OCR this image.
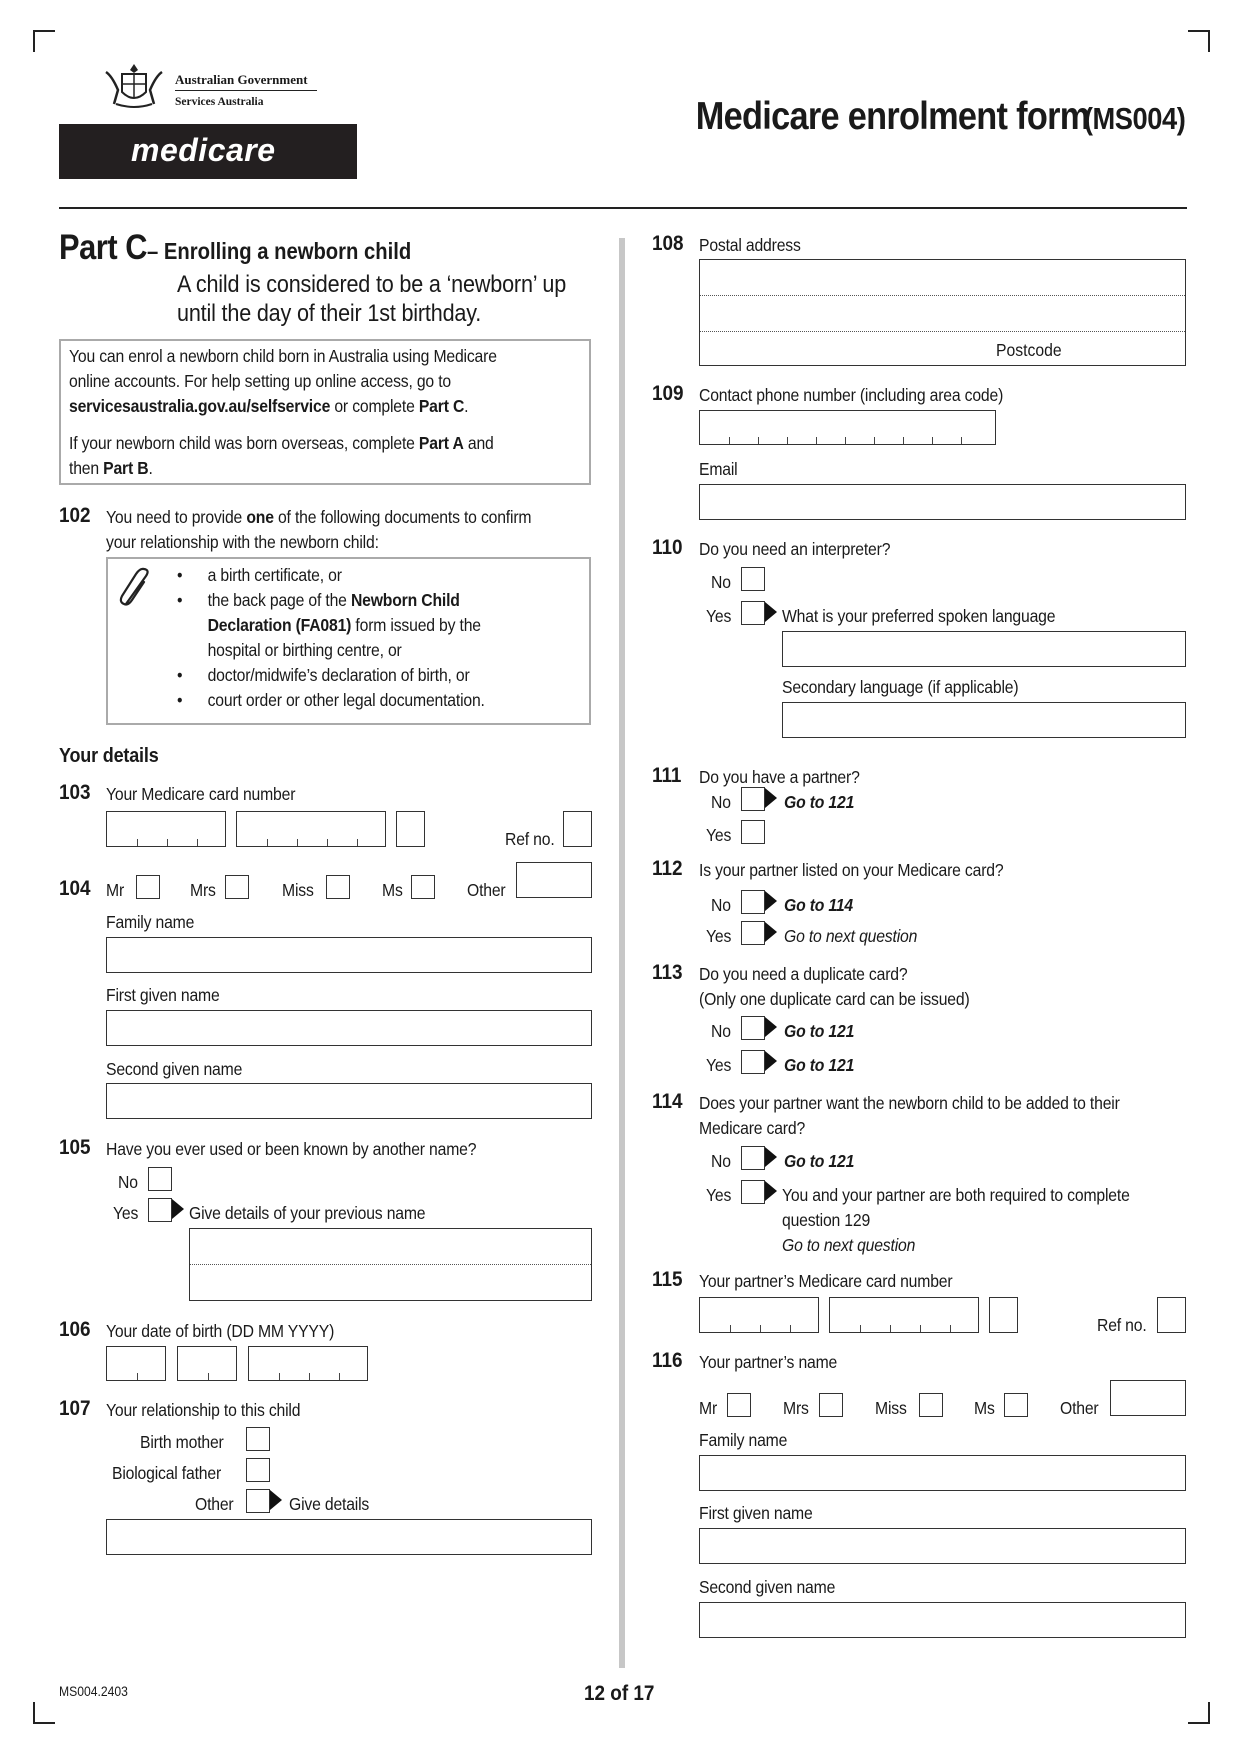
Australian Government
Services Australia
medicare
Medicare enrolment form(MS004)
Part C– Enrolling a newborn child
A child is considered to be a ‘newborn’ up
until the day of their 1st birthday.
You can enrol a newborn child born in Australia using Medicare
online accounts. For help setting up online access, go to
servicesaustralia.gov.au/selfservice or complete Part C.
If your newborn child was born overseas, complete Part A and
then Part B.
102 You need to provide one of the following documents to confirm
your relationship with the newborn child:
• a birth certificate, or
• the back page of the Newborn Child
Declaration (FA081) form issued by the
hospital or birthing centre, or
• doctor/midwife’s declaration of birth, or
• court order or other legal documentation.
Your details
103 Your Medicare card number
Ref no.
104 Mr	Mrs	Miss	Ms	Other
Family name
First given name
Second given name
105 Have you ever used or been known by another name?
No
Yes	Give details of your previous name
106 Your date of birth (DD MM YYYY)
107 Your relationship to this child
Birth mother
Biological father
Other	Give details
108 Postal address
Postcode
109 Contact phone number (including area code)
Email
110 Do you need an interpreter?
No
Yes	What is your preferred spoken language
Secondary language (if applicable)
111 Do you have a partner?
No	Go to 121
Yes
112 Is your partner listed on your Medicare card?
No	Go to 114
Yes	Go to next question
113 Do you need a duplicate card?
(Only one duplicate card can be issued)
No	Go to 121
Yes	Go to 121
114 Does your partner want the newborn child to be added to their
Medicare card?
No	Go to 121
Yes	You and your partner are both required to complete
question 129
Go to next question
115 Your partner’s Medicare card number
Ref no.
116 Your partner’s name
Mr	Mrs	Miss	Ms	Other
Family name
First given name
Second given name
MS004.2403	12 of 17
